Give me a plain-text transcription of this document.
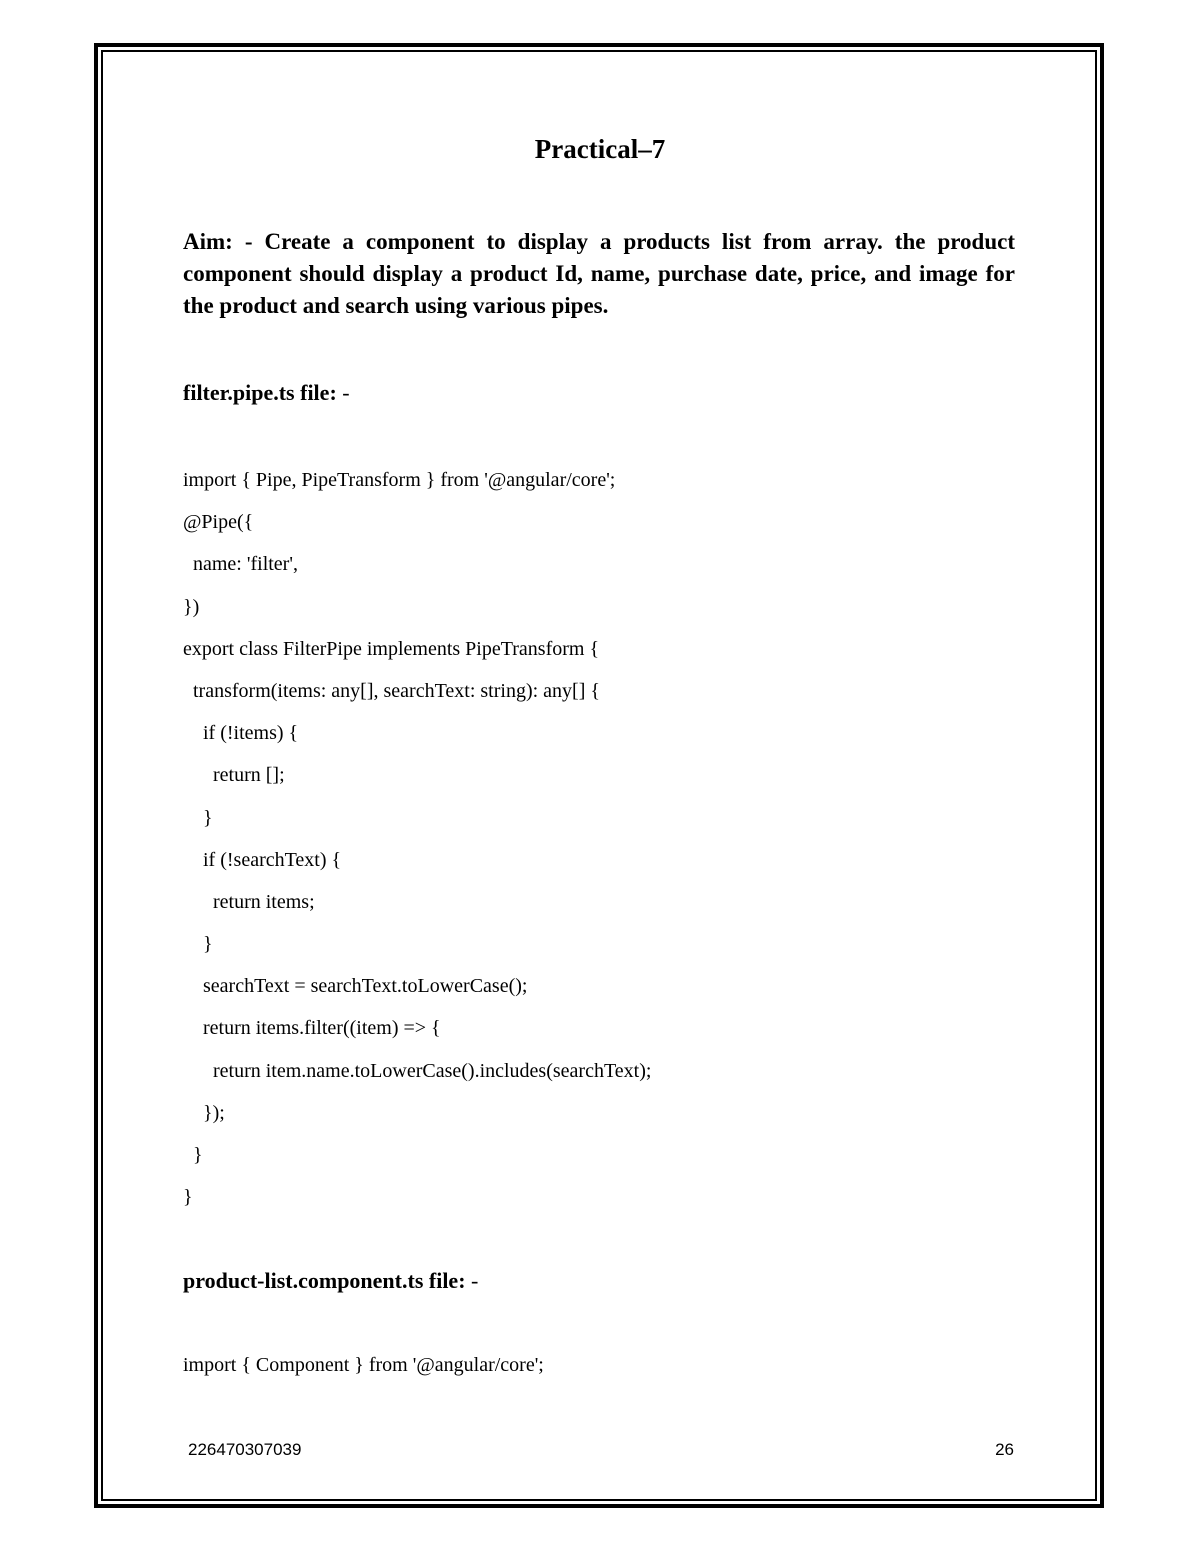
Practical–7

Aim: - Create a component to display a products list from array. the product component should display a product Id, name, purchase date, price, and image for the product and search using various pipes.

filter.pipe.ts file: -

import { Pipe, PipeTransform } from '@angular/core';
@Pipe({
name: 'filter',
})
export class FilterPipe implements PipeTransform {
transform(items: any[], searchText: string): any[] {
if (!items) {
return [];
}
if (!searchText) {
return items;
}
searchText = searchText.toLowerCase();
return items.filter((item) => {
return item.name.toLowerCase().includes(searchText);
});
}
}

product-list.component.ts file: -

import { Component } from '@angular/core';

226470307039	26
